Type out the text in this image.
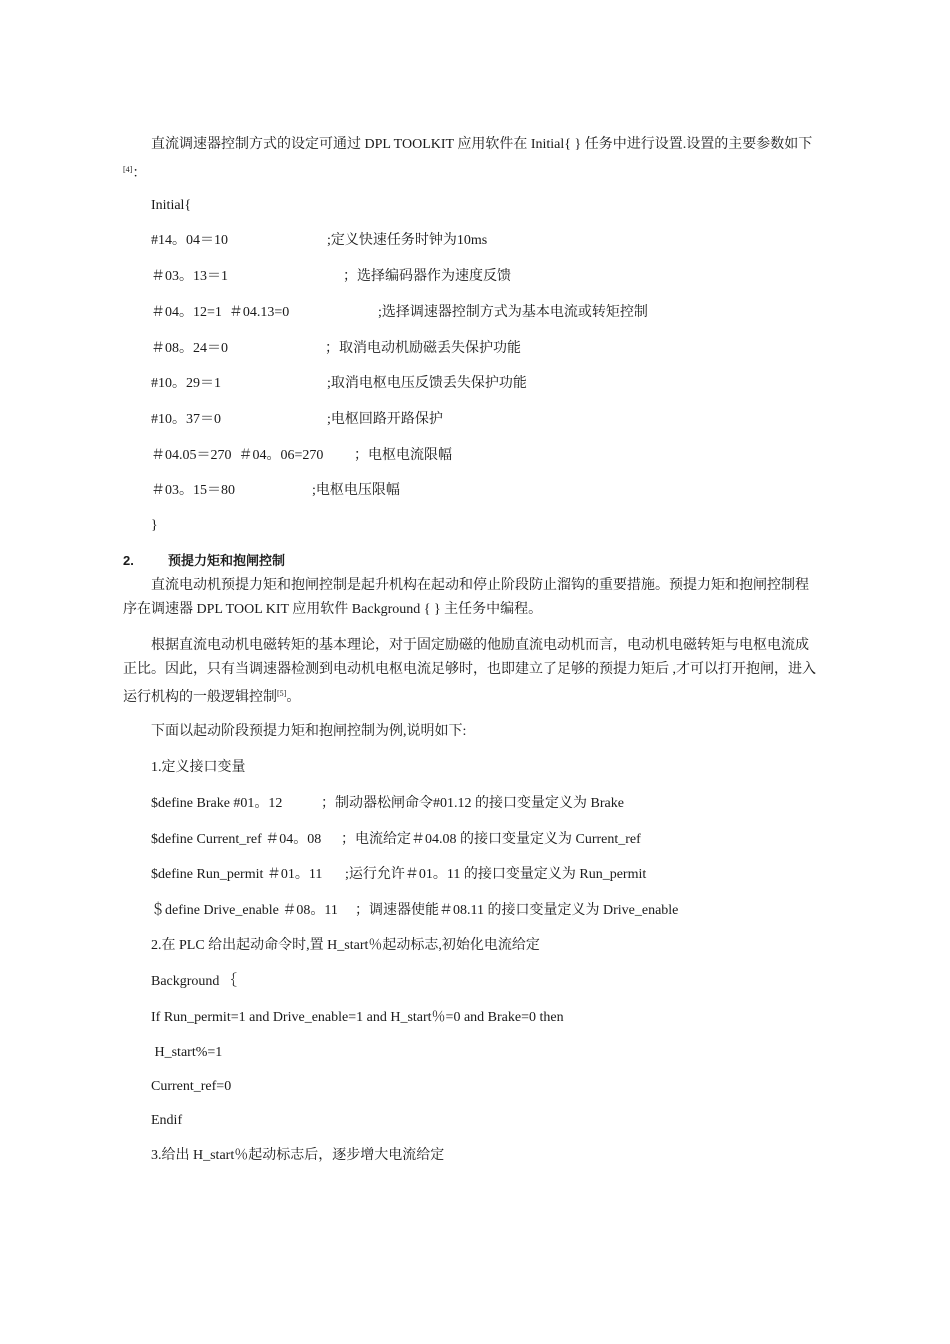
直流调速器控制方式的设定可通过 DPL TOOLKIT 应用软件在 Initial{ } 任务中进行设置.设置的主要参数如下
[4]：
Initial{
#14。04＝10	;定义快速任务时钟为10ms
＃03。13＝1	；选择编码器作为速度反馈
＃04。12=1  ＃04.13=0	;选择调速器控制方式为基本电流或转矩控制
＃08。24＝0	；取消电动机励磁丢失保护功能
#10。29＝1	;取消电枢电压反馈丢失保护功能
#10。37＝0	;电枢回路开路保护
＃04.05＝270  ＃04。06=270 ；电枢电流限幅
＃03。15＝80	;电枢电压限幅
}
2.	预提力矩和抱闸控制
直流电动机预提力矩和抱闸控制是起升机构在起动和停止阶段防止溜钩的重要措施。预提力矩和抱闸控制程
序在调速器 DPL TOOL KIT 应用软件 Background { } 主任务中编程。
根据直流电动机电磁转矩的基本理论，对于固定励磁的他励直流电动机而言，电动机电磁转矩与电枢电流成
正比。因此，只有当调速器检测到电动机电枢电流足够时，也即建立了足够的预提力矩后 ,才可以打开抱闸，进入
运行机构的一般逻辑控制[5]。
下面以起动阶段预提力矩和抱闸控制为例,说明如下:
1.定义接口变量
$define Brake #01。12	；制动器松闸命令#01.12 的接口变量定义为 Brake
$define Current_ref ＃04。08 ；电流给定＃04.08 的接口变量定义为 Current_ref
$define Run_permit ＃01。11 ;运行允许＃01。11 的接口变量定义为 Run_permit
＄define Drive_enable ＃08。11 ；调速器使能＃08.11 的接口变量定义为 Drive_enable
2.在 PLC 给出起动命令时,置 H_start％起动标志,初始化电流给定
Background ｛
If Run_permit=1 and Drive_enable=1 and H_start％=0 and Brake=0 then
H_start%=1
Current_ref=0
Endif
3.给出 H_start％起动标志后，逐步增大电流给定
